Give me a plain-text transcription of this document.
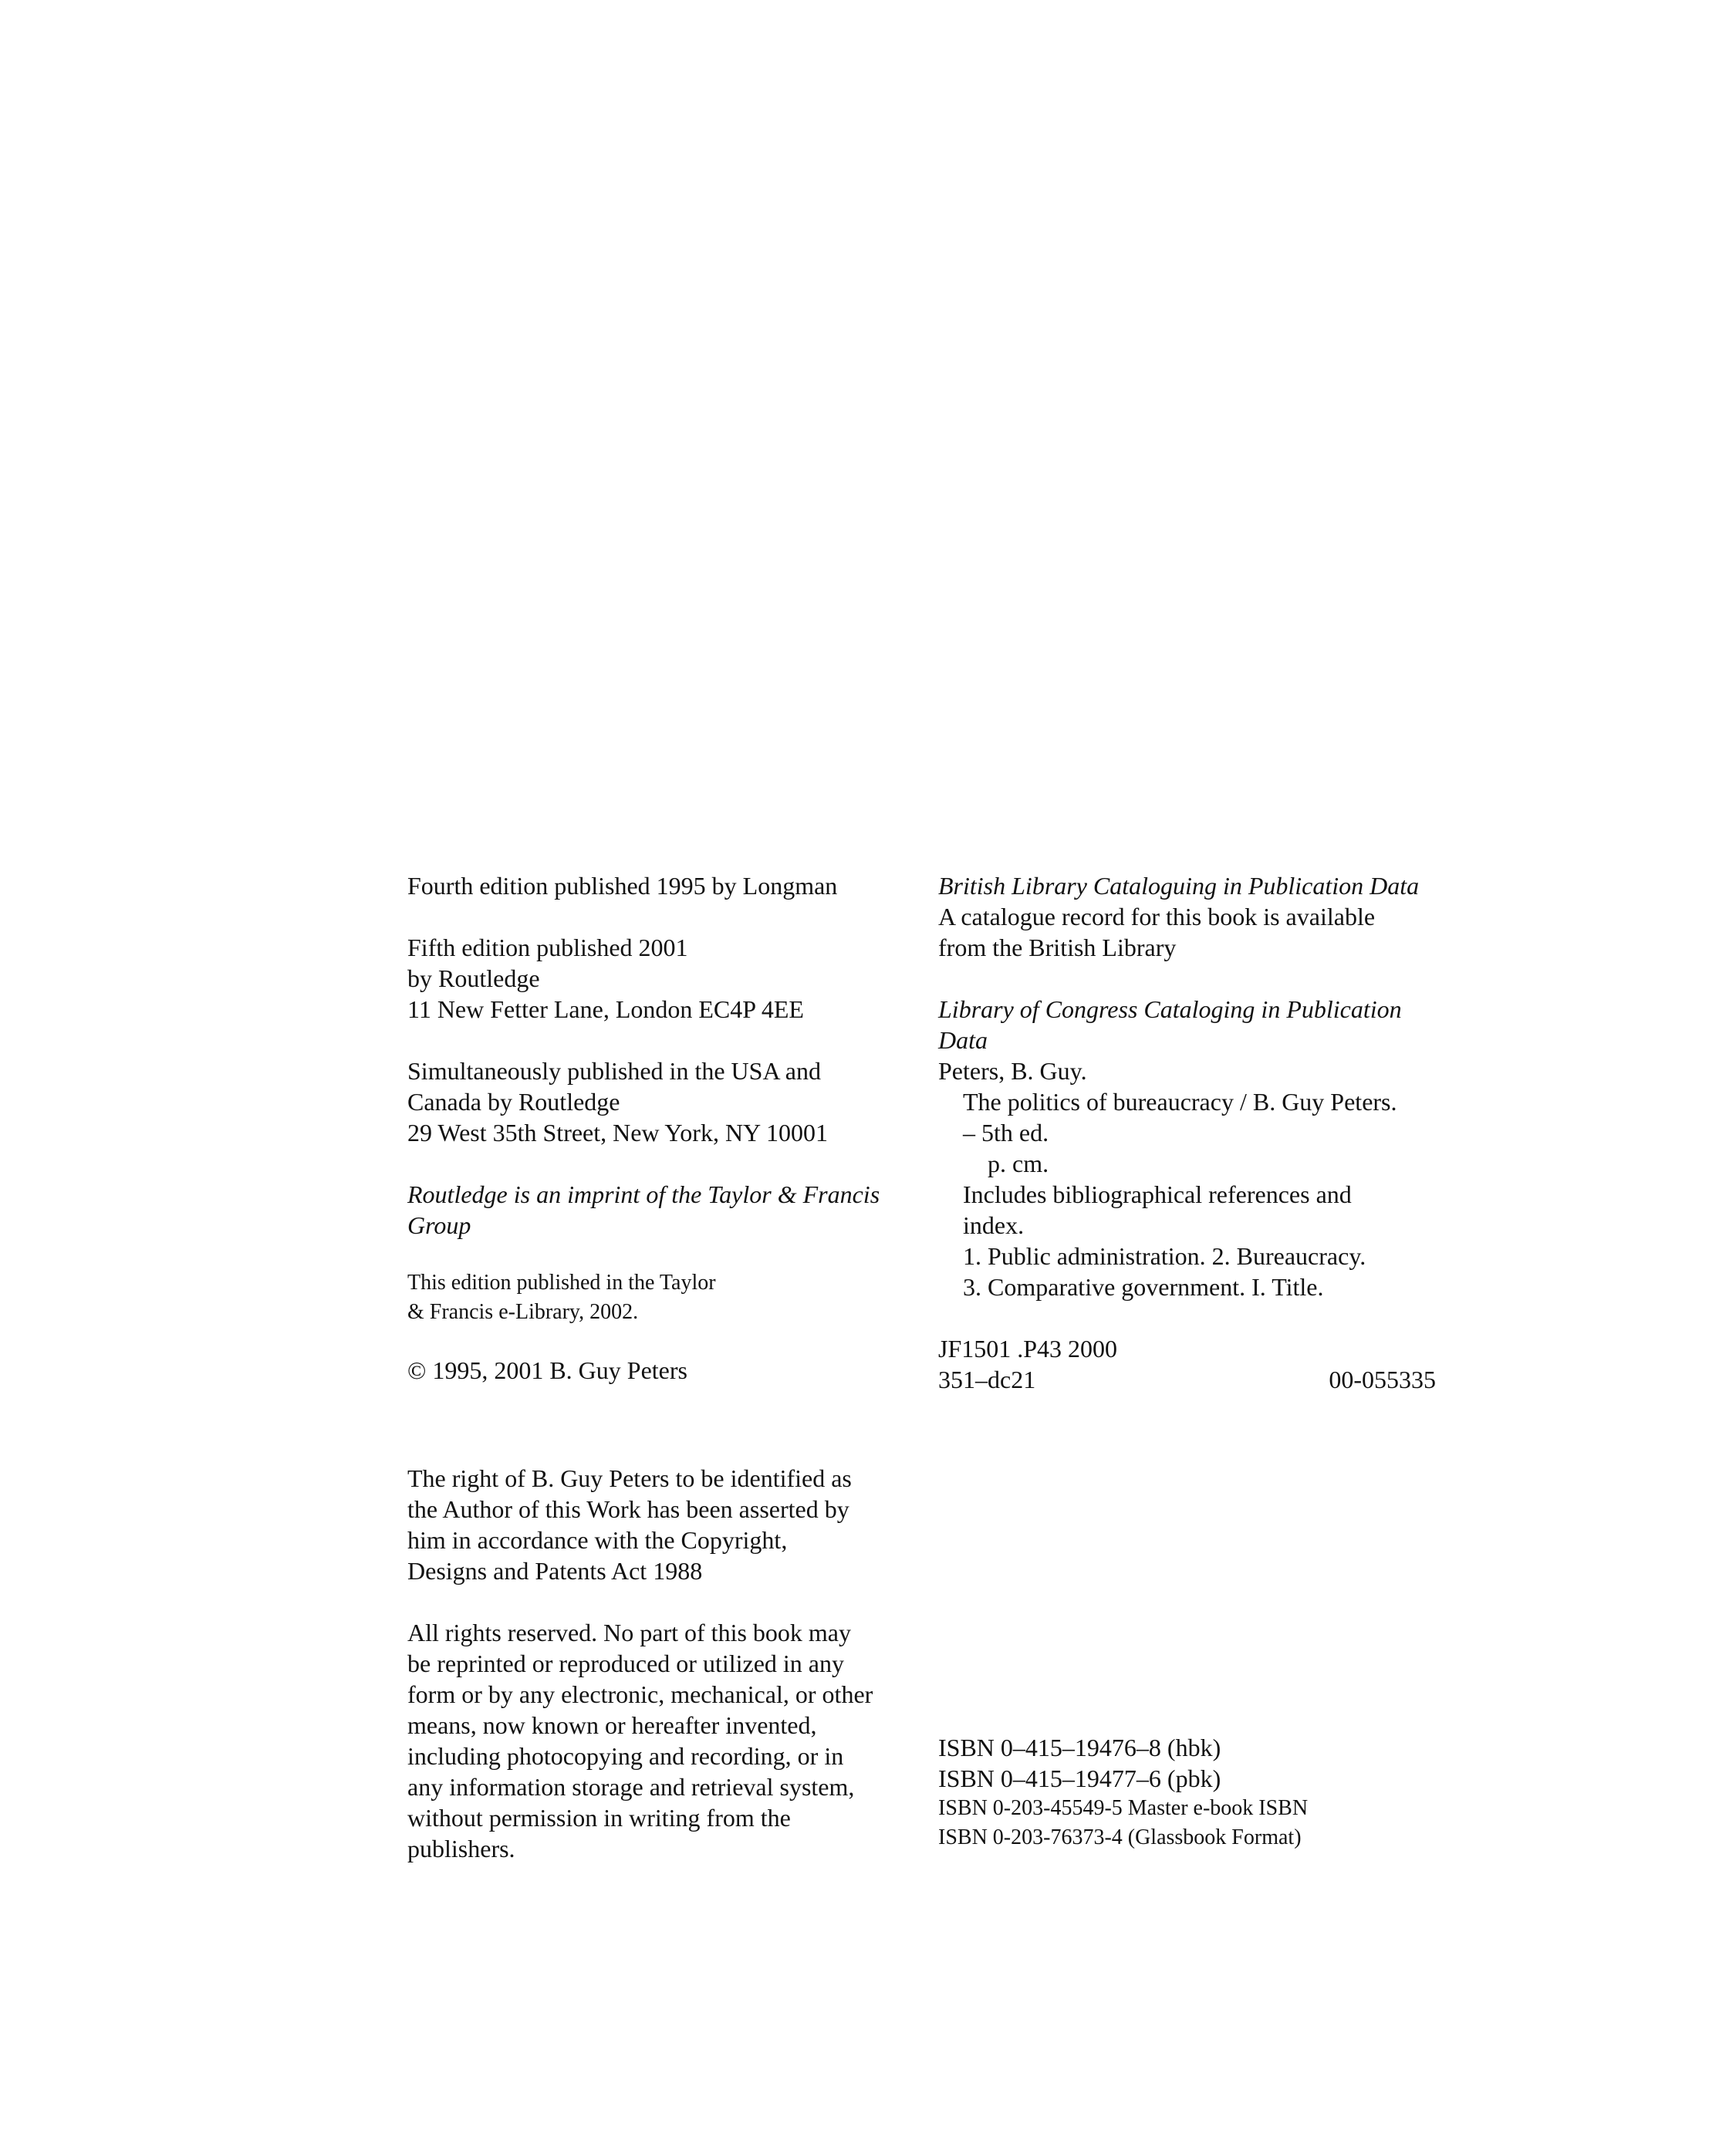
Fourth edition published 1995 by Longman
Fifth edition published 2001
by Routledge
11 New Fetter Lane, London EC4P 4EE
Simultaneously published in the USA and
Canada by Routledge
29 West 35th Street, New York, NY 10001
Routledge is an imprint of the Taylor & Francis
Group
This edition published in the Taylor
& Francis e-Library, 2002.
© 1995, 2001 B. Guy Peters
British Library Cataloguing in Publication Data
A catalogue record for this book is available
from the British Library
Library of Congress Cataloging in Publication
Data
Peters, B. Guy.
The politics of bureaucracy / B. Guy Peters.
– 5th ed.
p. cm.
Includes bibliographical references and
index.
1. Public administration. 2. Bureaucracy.
3. Comparative government. I. Title.
JF1501 .P43 2000
351–dc21	00-055335
The right of B. Guy Peters to be identified as
the Author of this Work has been asserted by
him in accordance with the Copyright,
Designs and Patents Act 1988
All rights reserved. No part of this book may
be reprinted or reproduced or utilized in any
form or by any electronic, mechanical, or other
means, now known or hereafter invented,
including photocopying and recording, or in
any information storage and retrieval system,
without permission in writing from the
publishers.
ISBN 0–415–19476–8 (hbk)
ISBN 0–415–19477–6 (pbk)
ISBN 0-203-45549-5 Master e-book ISBN
ISBN 0-203-76373-4 (Glassbook Format)
